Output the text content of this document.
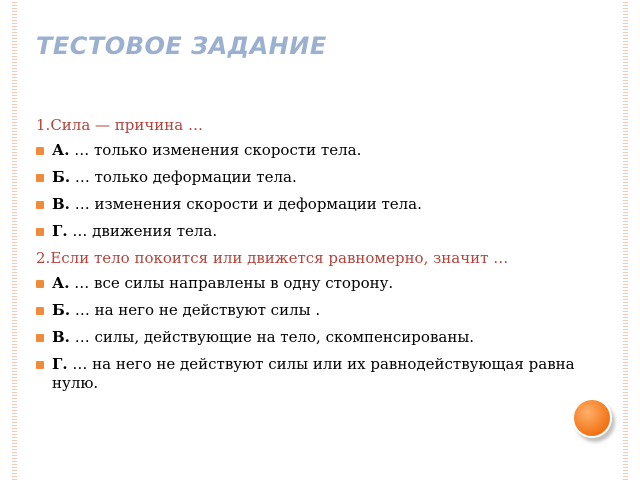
ТЕСТОВОЕ ЗАДАНИЕ
1. Сила — причина …
А. … только изменения скорости тела.
Б. … только деформации тела.
В. … изменения скорости и деформации тела.
Г. … движения тела.
2. Если тело покоится или движется равномерно, значит …
А. … все силы направлены в одну сторону.
Б. … на него не действуют силы .
В. … силы, действующие на тело, скомпенсированы.
Г. … на него не действуют силы или их равнодействующая равна нулю.
